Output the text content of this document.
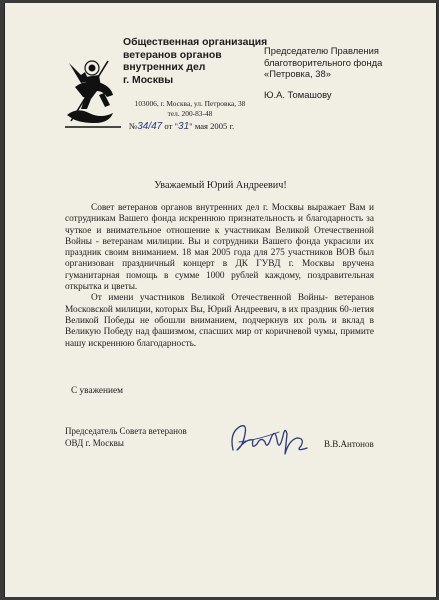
Общественная организация
ветеранов органов
внутренних дел
г. Москвы
103006, г. Москва, ул. Петровка, 38
тел. 200-83-48
№34/47 от "31" мая 2005 г.
Председателю Правления
благотворительного фонда
«Петровка, 38»
Ю.А. Томашову
Уважаемый Юрий Андреевич!

Совет ветеранов органов внутренних дел г. Москвы выражает Вам и сотрудникам Вашего фонда искреннюю признательность и благодарность за чуткое и внимательное отношение к участникам Великой Отечественной Войны - ветеранам милиции. Вы и сотрудники Вашего фонда украсили их праздник своим вниманием. 18 мая 2005 года для 275 участников ВОВ был организован праздничный концерт в ДК ГУВД г. Москвы вручена гуманитарная помощь в сумме 1000 рублей каждому, поздравительная открытка и цветы.

От имени участников Великой Отечественной Войны- ветеранов Московской милиции, которых Вы, Юрий Андреевич, в их праздник 60-летия Великой Победы не обошли вниманием, подчеркнув их роль и вклад в Великую Победу над фашизмом, спасших мир от коричневой чумы, примите нашу искреннюю благодарность.

С уважением
Председатель Совета ветеранов
ОВД г. Москвы	В.В.Антонов
